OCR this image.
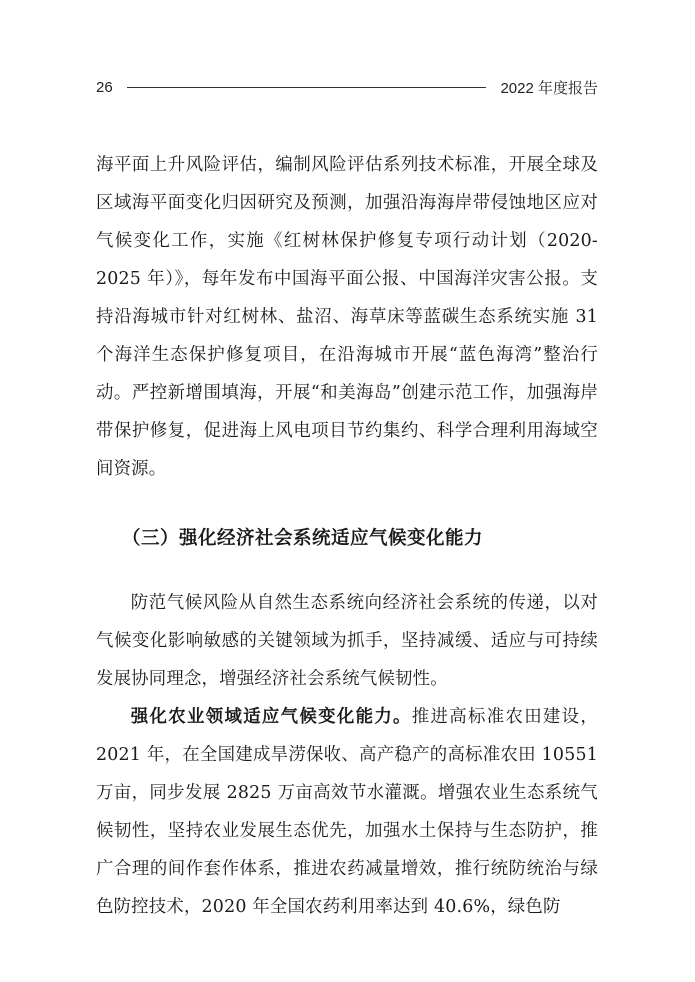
26	2022 年度报告

海平面上升风险评估，编制风险评估系列技术标准，开展全球及区域海平面变化归因研究及预测，加强沿海海岸带侵蚀地区应对气候变化工作，实施《红树林保护修复专项行动计划（2020-2025 年）》，每年发布中国海平面公报、中国海洋灾害公报。支持沿海城市针对红树林、盐沼、海草床等蓝碳生态系统实施 31 个海洋生态保护修复项目，在沿海城市开展“蓝色海湾”整治行动。严控新增围填海，开展“和美海岛”创建示范工作，加强海岸带保护修复，促进海上风电项目节约集约、科学合理利用海域空间资源。

（三）强化经济社会系统适应气候变化能力

防范气候风险从自然生态系统向经济社会系统的传递，以对气候变化影响敏感的关键领域为抓手，坚持减缓、适应与可持续发展协同理念，增强经济社会系统气候韧性。

强化农业领域适应气候变化能力。推进高标准农田建设，2021 年，在全国建成旱涝保收、高产稳产的高标准农田 10551 万亩，同步发展 2825 万亩高效节水灌溉。增强农业生态系统气候韧性，坚持农业发展生态优先，加强水土保持与生态防护，推广合理的间作套作体系，推进农药减量增效，推行统防统治与绿色防控技术，2020 年全国农药利用率达到 40.6%，绿色防
